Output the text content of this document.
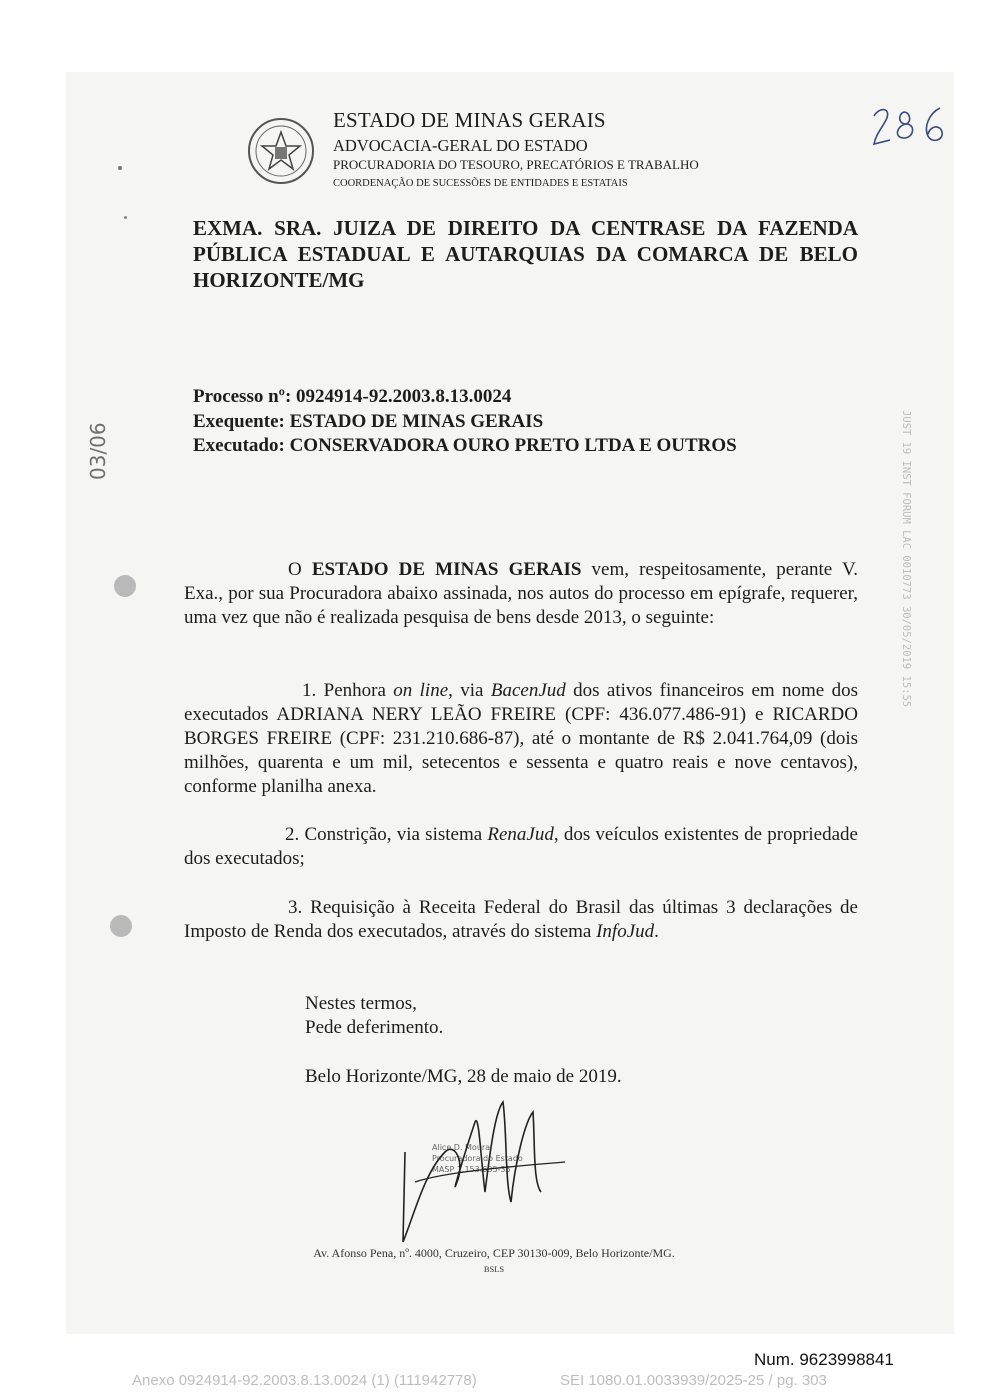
ESTADO DE MINAS GERAIS
ADVOCACIA-GERAL DO ESTADO
PROCURADORIA DO TESOURO, PRECATÓRIOS E TRABALHO
COORDENAÇÃO DE SUCESSÕES DE ENTIDADES E ESTATAIS
EXMA. SRA. JUIZA DE DIREITO DA CENTRASE DA FAZENDA PÚBLICA ESTADUAL E AUTARQUIAS DA COMARCA DE BELO HORIZONTE/MG
Processo nº: 0924914-92.2003.8.13.0024
Exequente: ESTADO DE MINAS GERAIS
Executado: CONSERVADORA OURO PRETO LTDA E OUTROS
03/06	JUST 19 INST FORUM LAC 0010773 30/05/2019 15:55
O ESTADO DE MINAS GERAIS vem, respeitosamente, perante V. Exa., por sua Procuradora abaixo assinada, nos autos do processo em epígrafe, requerer, uma vez que não é realizada pesquisa de bens desde 2013, o seguinte:
1. Penhora on line, via BacenJud dos ativos financeiros em nome dos executados ADRIANA NERY LEÃO FREIRE (CPF: 436.077.486-91) e RICARDO BORGES FREIRE (CPF: 231.210.686-87), até o montante de R$ 2.041.764,09 (dois milhões, quarenta e um mil, setecentos e sessenta e quatro reais e nove centavos), conforme planilha anexa.
2. Constrição, via sistema RenaJud, dos veículos existentes de propriedade dos executados;
3. Requisição à Receita Federal do Brasil das últimas 3 declarações de Imposto de Renda dos executados, através do sistema InfoJud.
Nestes termos,
Pede deferimento.
Belo Horizonte/MG, 28 de maio de 2019.
Alice D. Moura
Procuradora do Estado
MASP 1.153.635-35
Av. Afonso Pena, nº. 4000, Cruzeiro, CEP 30130-009, Belo Horizonte/MG.
BSLS
Num. 9623998841
Anexo 0924914-92.2003.8.13.0024 (1) (111942778)	SEI 1080.01.0033939/2025-25 / pg. 303
